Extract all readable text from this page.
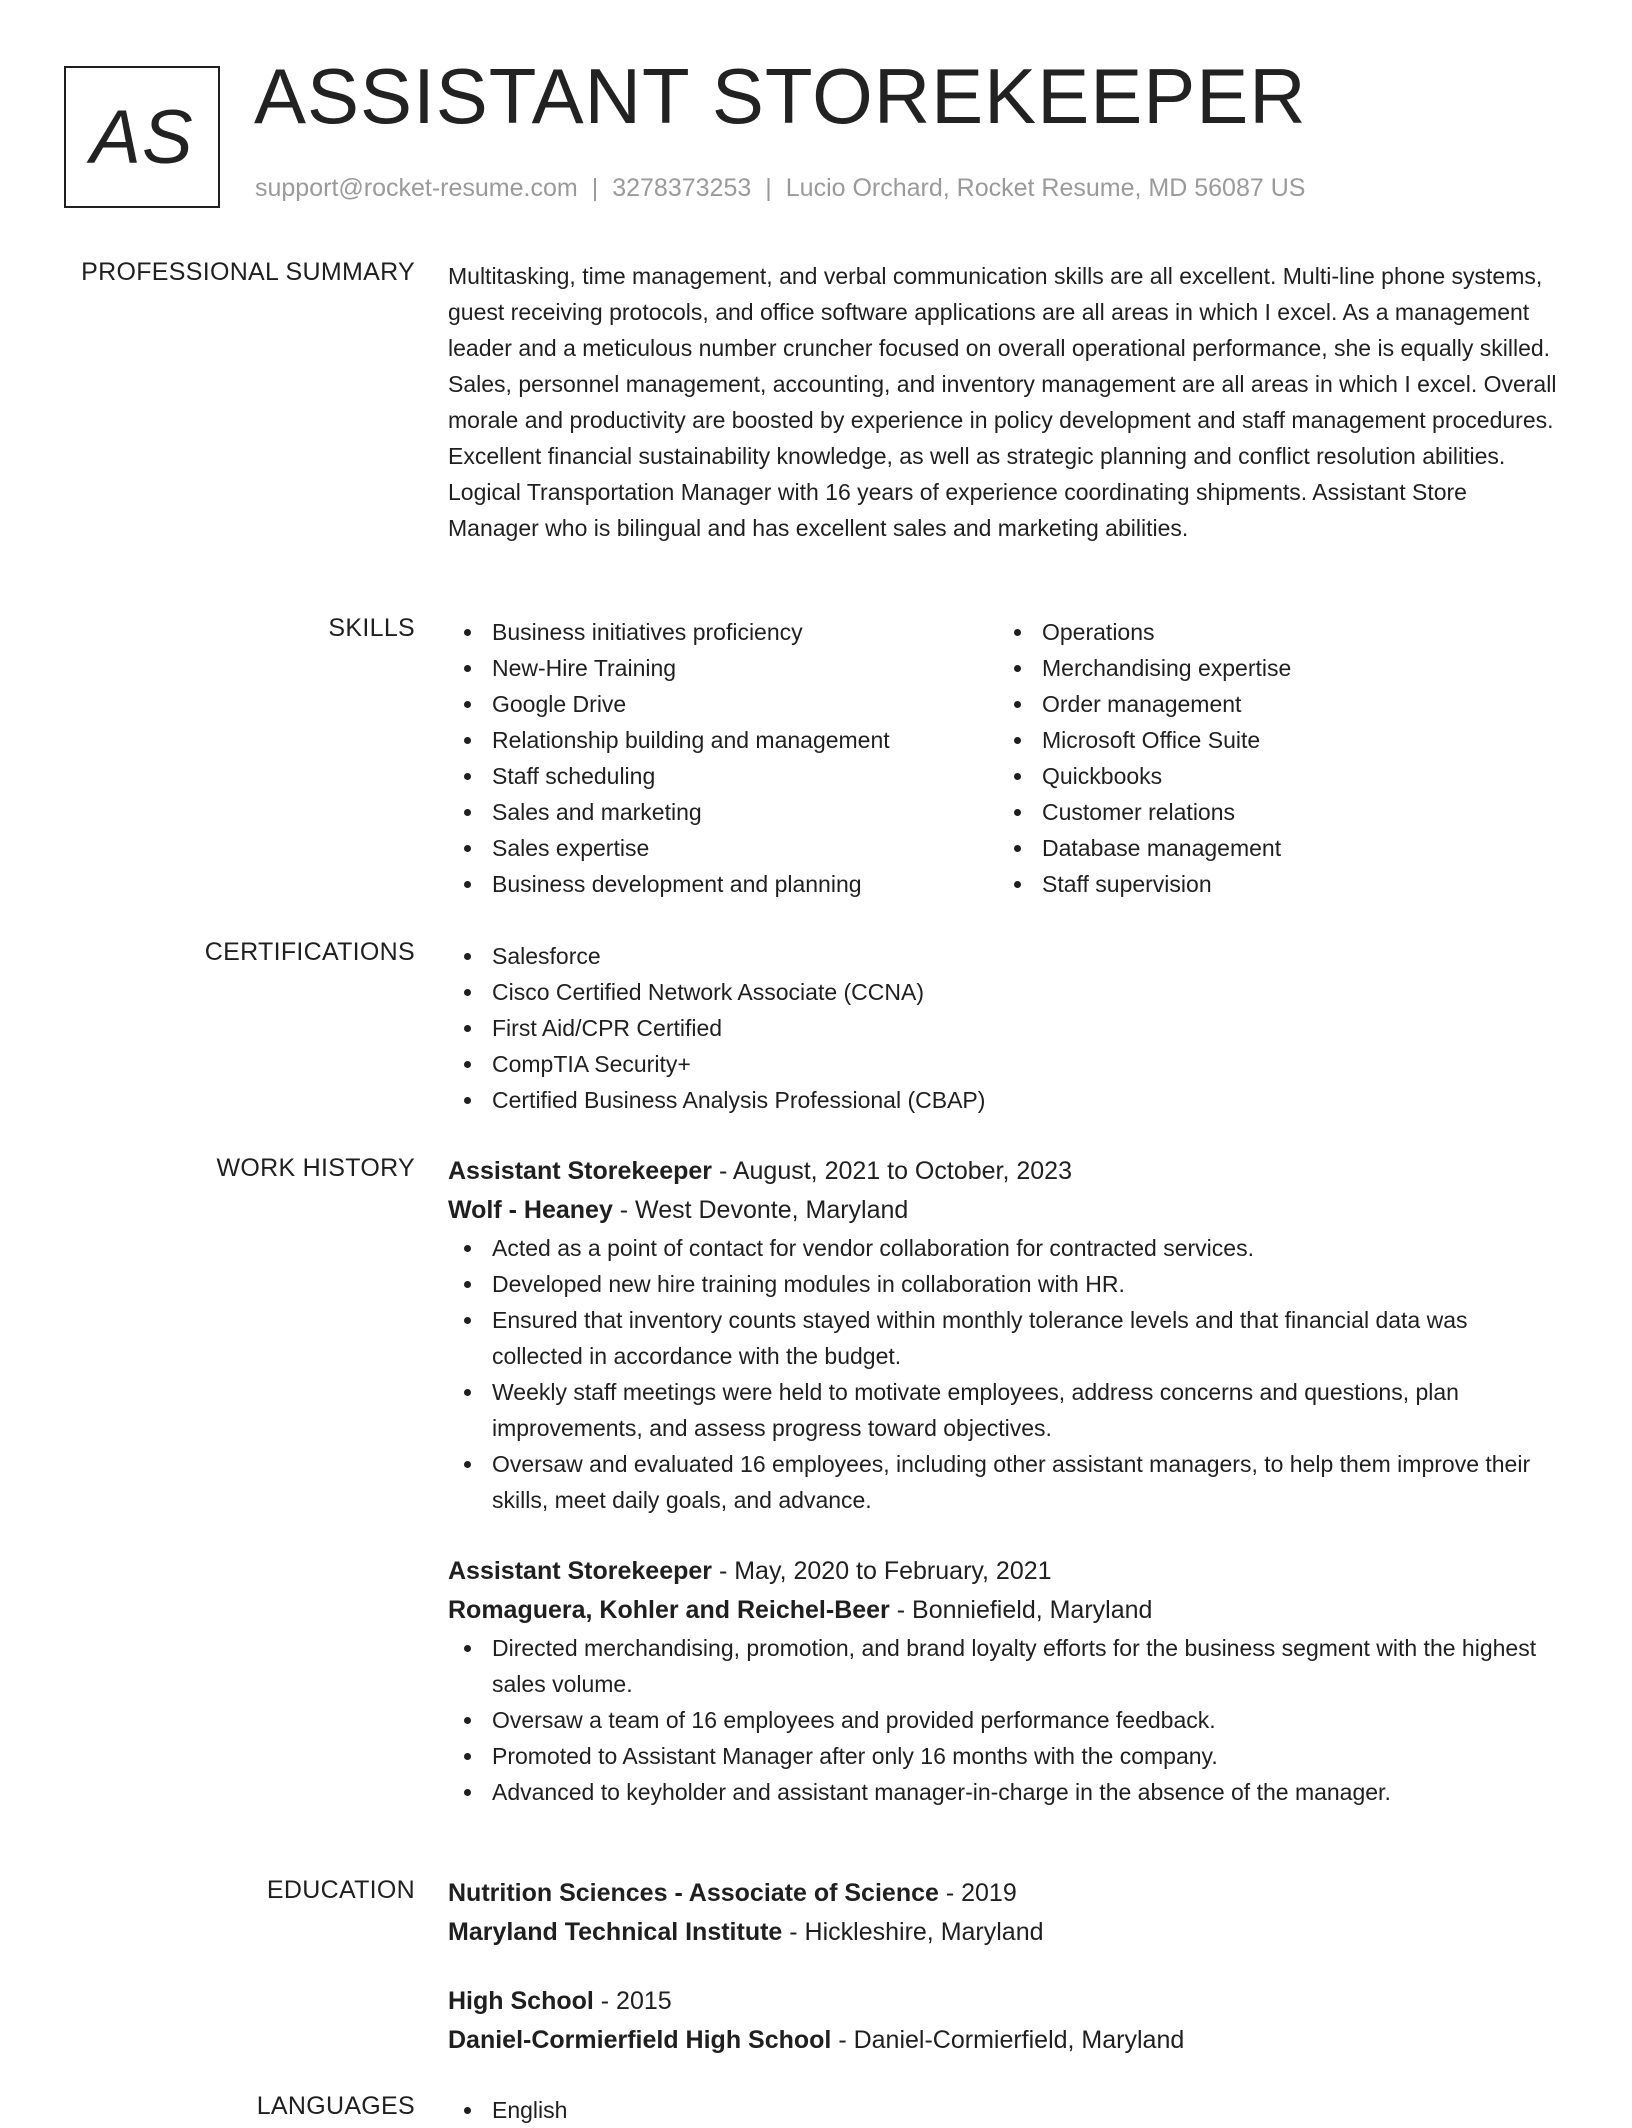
AS ASSISTANT STOREKEEPER
support@rocket-resume.com | 3278373253 | Lucio Orchard, Rocket Resume, MD 56087 US
PROFESSIONAL SUMMARY Multitasking, time management, and verbal communication skills are all excellent. Multi-line phone systems, guest receiving protocols, and office software applications are all areas in which I excel. As a management leader and a meticulous number cruncher focused on overall operational performance, she is equally skilled. Sales, personnel management, accounting, and inventory management are all areas in which I excel. Overall morale and productivity are boosted by experience in policy development and staff management procedures. Excellent financial sustainability knowledge, as well as strategic planning and conflict resolution abilities. Logical Transportation Manager with 16 years of experience coordinating shipments. Assistant Store Manager who is bilingual and has excellent sales and marketing abilities.

SKILLS	Business initiatives proficiency
New-Hire Training
Google Drive
Relationship building and management
Staff scheduling
Sales and marketing
Sales expertise
Business development and planning
Operations
Merchandising expertise
Order management
Microsoft Office Suite
Quickbooks
Customer relations
Database management
Staff supervision
CERTIFICATIONS	Salesforce
Cisco Certified Network Associate (CCNA)
First Aid/CPR Certified
CompTIA Security+
Certified Business Analysis Professional (CBAP)
WORK HISTORY Assistant Storekeeper - August, 2021 to October, 2023
Wolf - Heaney - West Devonte, Maryland
Acted as a point of contact for vendor collaboration for contracted services.
Developed new hire training modules in collaboration with HR.
Ensured that inventory counts stayed within monthly tolerance levels and that financial data was collected in accordance with the budget.
Weekly staff meetings were held to motivate employees, address concerns and questions, plan improvements, and assess progress toward objectives.
Oversaw and evaluated 16 employees, including other assistant managers, to help them improve their skills, meet daily goals, and advance.
Assistant Storekeeper - May, 2020 to February, 2021
Romaguera, Kohler and Reichel-Beer - Bonniefield, Maryland
Directed merchandising, promotion, and brand loyalty efforts for the business segment with the highest sales volume.
Oversaw a team of 16 employees and provided performance feedback.
Promoted to Assistant Manager after only 16 months with the company.
Advanced to keyholder and assistant manager-in-charge in the absence of the manager.
EDUCATION Nutrition Sciences - Associate of Science - 2019
Maryland Technical Institute - Hickleshire, Maryland
High School - 2015
Daniel-Cormierfield High School - Daniel-Cormierfield, Maryland
LANGUAGES	English
